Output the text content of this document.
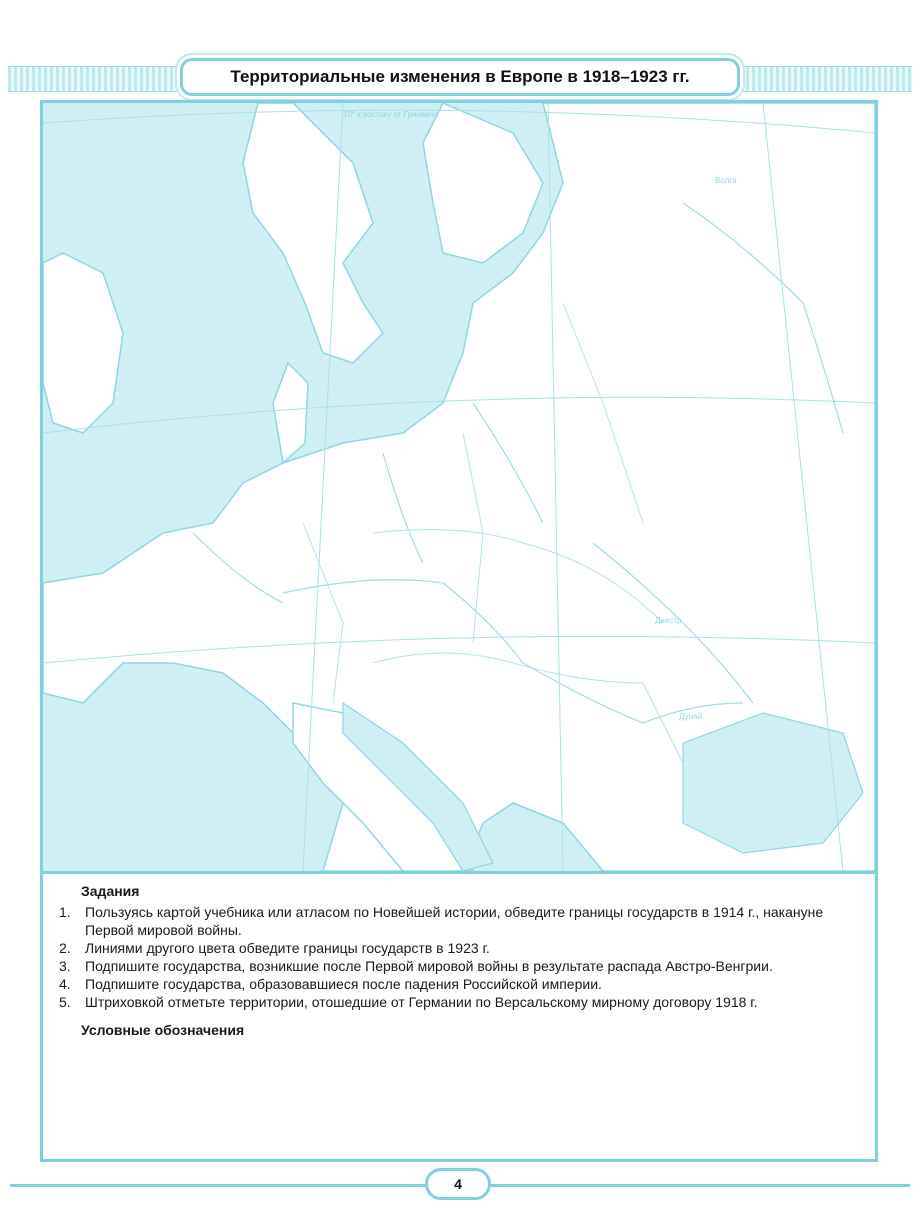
Территориальные изменения в Европе в 1918–1923 гг.
10° к востоку от Гринвича
Волга
Днестр
Дунай
Задания
1. Пользуясь картой учебника или атласом по Новейшей истории, обведите границы государств в 1914 г., накануне Первой мировой войны.
2. Линиями другого цвета обведите границы государств в 1923 г.
3. Подпишите государства, возникшие после Первой мировой войны в результате распада Австро-Венгрии.
4. Подпишите государства, образовавшиеся после падения Российской империи.
5. Штриховкой отметьте территории, отошедшие от Германии по Версальскому мирному договору 1918 г.
Условные обозначения
4
